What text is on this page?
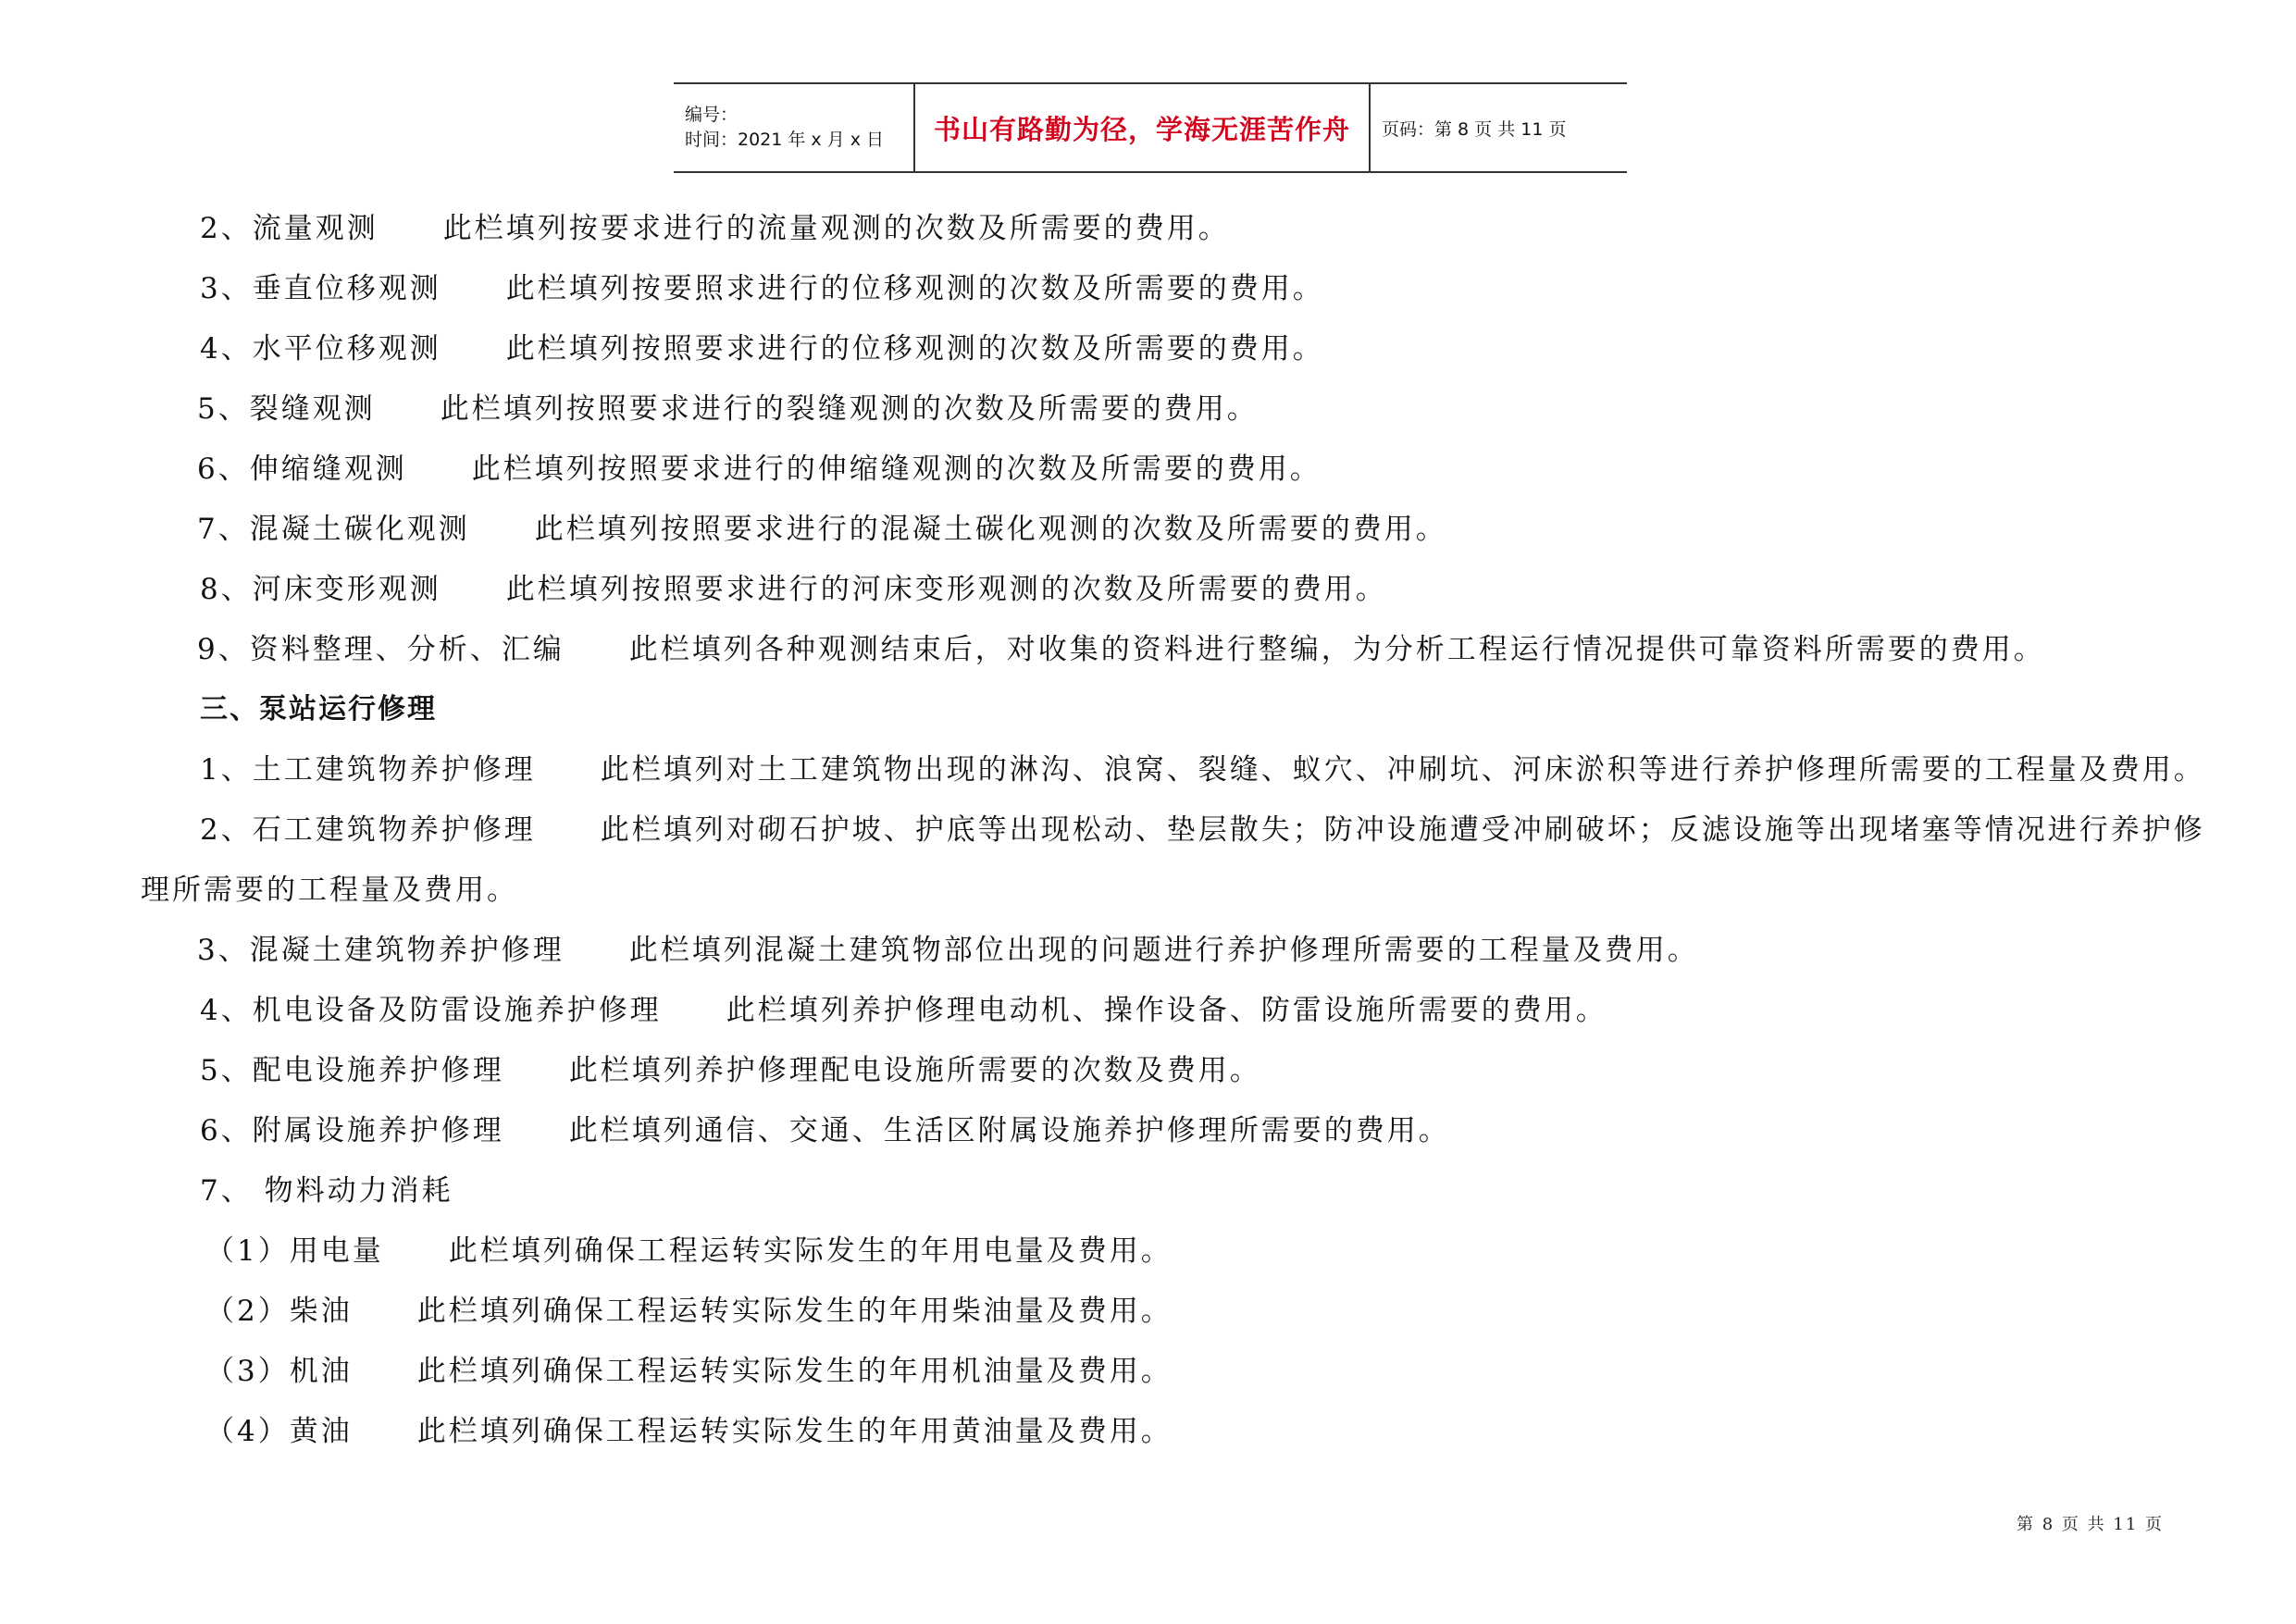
编号：
时间：2021 年 x 月 x 日	书山有路勤为径，学海无涯苦作舟 页码：第 8 页 共 11 页
2、流量观测 此栏填列按要求进行的流量观测的次数及所需要的费用。
3、垂直位移观测 此栏填列按要照求进行的位移观测的次数及所需要的费用。
4、水平位移观测 此栏填列按照要求进行的位移观测的次数及所需要的费用。
5、裂缝观测 此栏填列按照要求进行的裂缝观测的次数及所需要的费用。
6、伸缩缝观测 此栏填列按照要求进行的伸缩缝观测的次数及所需要的费用。
7、混凝土碳化观测 此栏填列按照要求进行的混凝土碳化观测的次数及所需要的费用。
8、河床变形观测 此栏填列按照要求进行的河床变形观测的次数及所需要的费用。
9、资料整理、分析、汇编 此栏填列各种观测结束后，对收集的资料进行整编，为分析工程运行情况提供可靠资料所需要的费用。
三、泵站运行修理
1、土工建筑物养护修理 此栏填列对土工建筑物出现的淋沟、浪窝、裂缝、蚁穴、冲刷坑、河床淤积等进行养护修理所需要的工程量及费用。
2、石工建筑物养护修理 此栏填列对砌石护坡、护底等出现松动、垫层散失；防冲设施遭受冲刷破坏；反滤设施等出现堵塞等情况进行养护修
理所需要的工程量及费用。
3、混凝土建筑物养护修理 此栏填列混凝土建筑物部位出现的问题进行养护修理所需要的工程量及费用。
4、机电设备及防雷设施养护修理 此栏填列养护修理电动机、操作设备、防雷设施所需要的费用。
5、配电设施养护修理 此栏填列养护修理配电设施所需要的次数及费用。
6、附属设施养护修理 此栏填列通信、交通、生活区附属设施养护修理所需要的费用。
7、 物料动力消耗
（1）用电量 此栏填列确保工程运转实际发生的年用电量及费用。
（2）柴油 此栏填列确保工程运转实际发生的年用柴油量及费用。
（3）机油 此栏填列确保工程运转实际发生的年用机油量及费用。
（4）黄油 此栏填列确保工程运转实际发生的年用黄油量及费用。
第 8 页 共 11 页
